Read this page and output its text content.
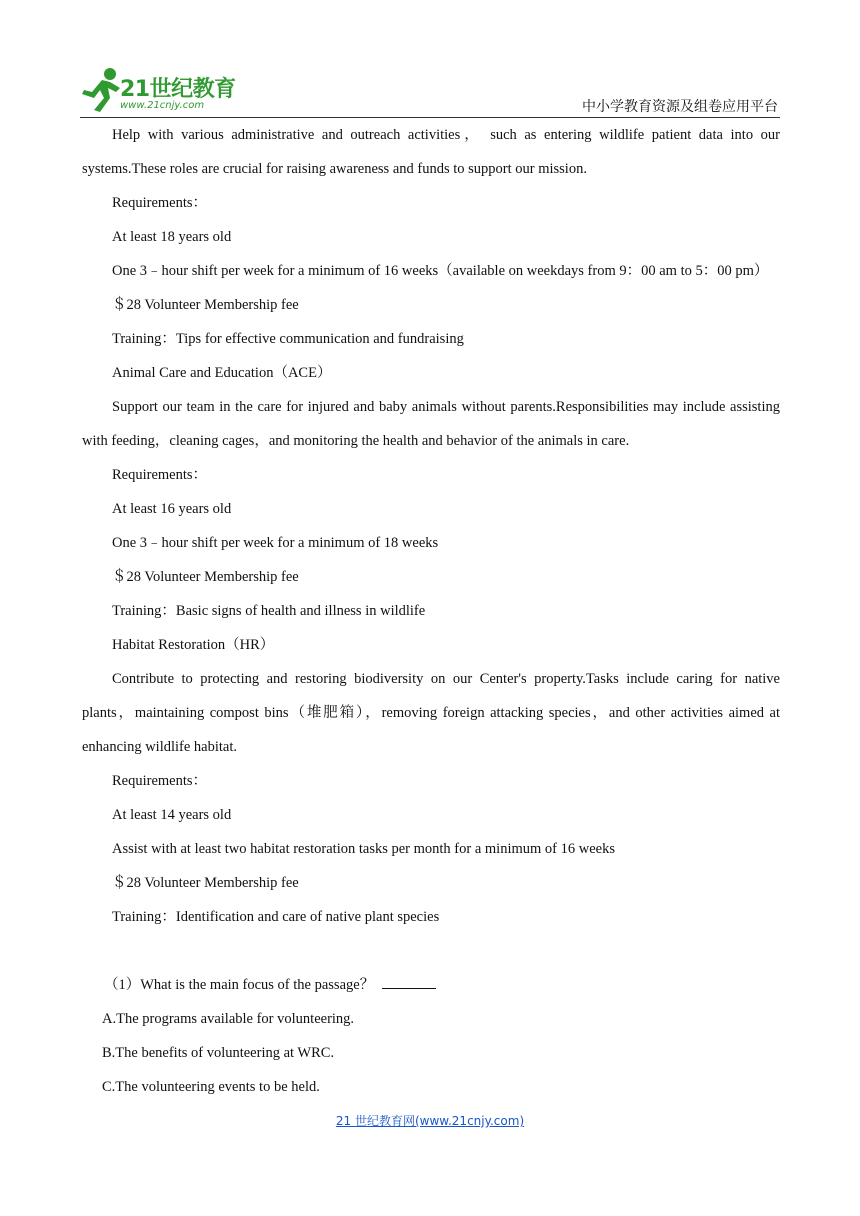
21世纪教育
www.21cnjy.com	中小学教育资源及组卷应用平台

Help with various administrative and outreach activities， such as entering wildlife patient data into our systems.These roles are crucial for raising awareness and funds to support our mission.

Requirements：

At least 18 years old

One 3﹣hour shift per week for a minimum of 16 weeks（available on weekdays from 9：00 am to 5：00 pm）

＄28 Volunteer Membership fee

Training：Tips for effective communication and fundraising

Animal Care and Education（ACE）

Support our team in the care for injured and baby animals without parents.Responsibilities may include assisting with feeding，cleaning cages，and monitoring the health and behavior of the animals in care.

Requirements：

At least 16 years old

One 3﹣hour shift per week for a minimum of 18 weeks

＄28 Volunteer Membership fee

Training：Basic signs of health and illness in wildlife

Habitat Restoration（HR）

Contribute to protecting and restoring biodiversity on our Center's property.Tasks include caring for native plants，maintaining compost bins（堆肥箱），removing foreign attacking species，and other activities aimed at enhancing wildlife habitat.

Requirements：

At least 14 years old

Assist with at least two habitat restoration tasks per month for a minimum of 16 weeks

＄28 Volunteer Membership fee

Training：Identification and care of native plant species

（1）What is the main focus of the passage？

A.The programs available for volunteering.

B.The benefits of volunteering at WRC.

C.The volunteering events to be held.

21 世纪教育网(www.21cnjy.com)
